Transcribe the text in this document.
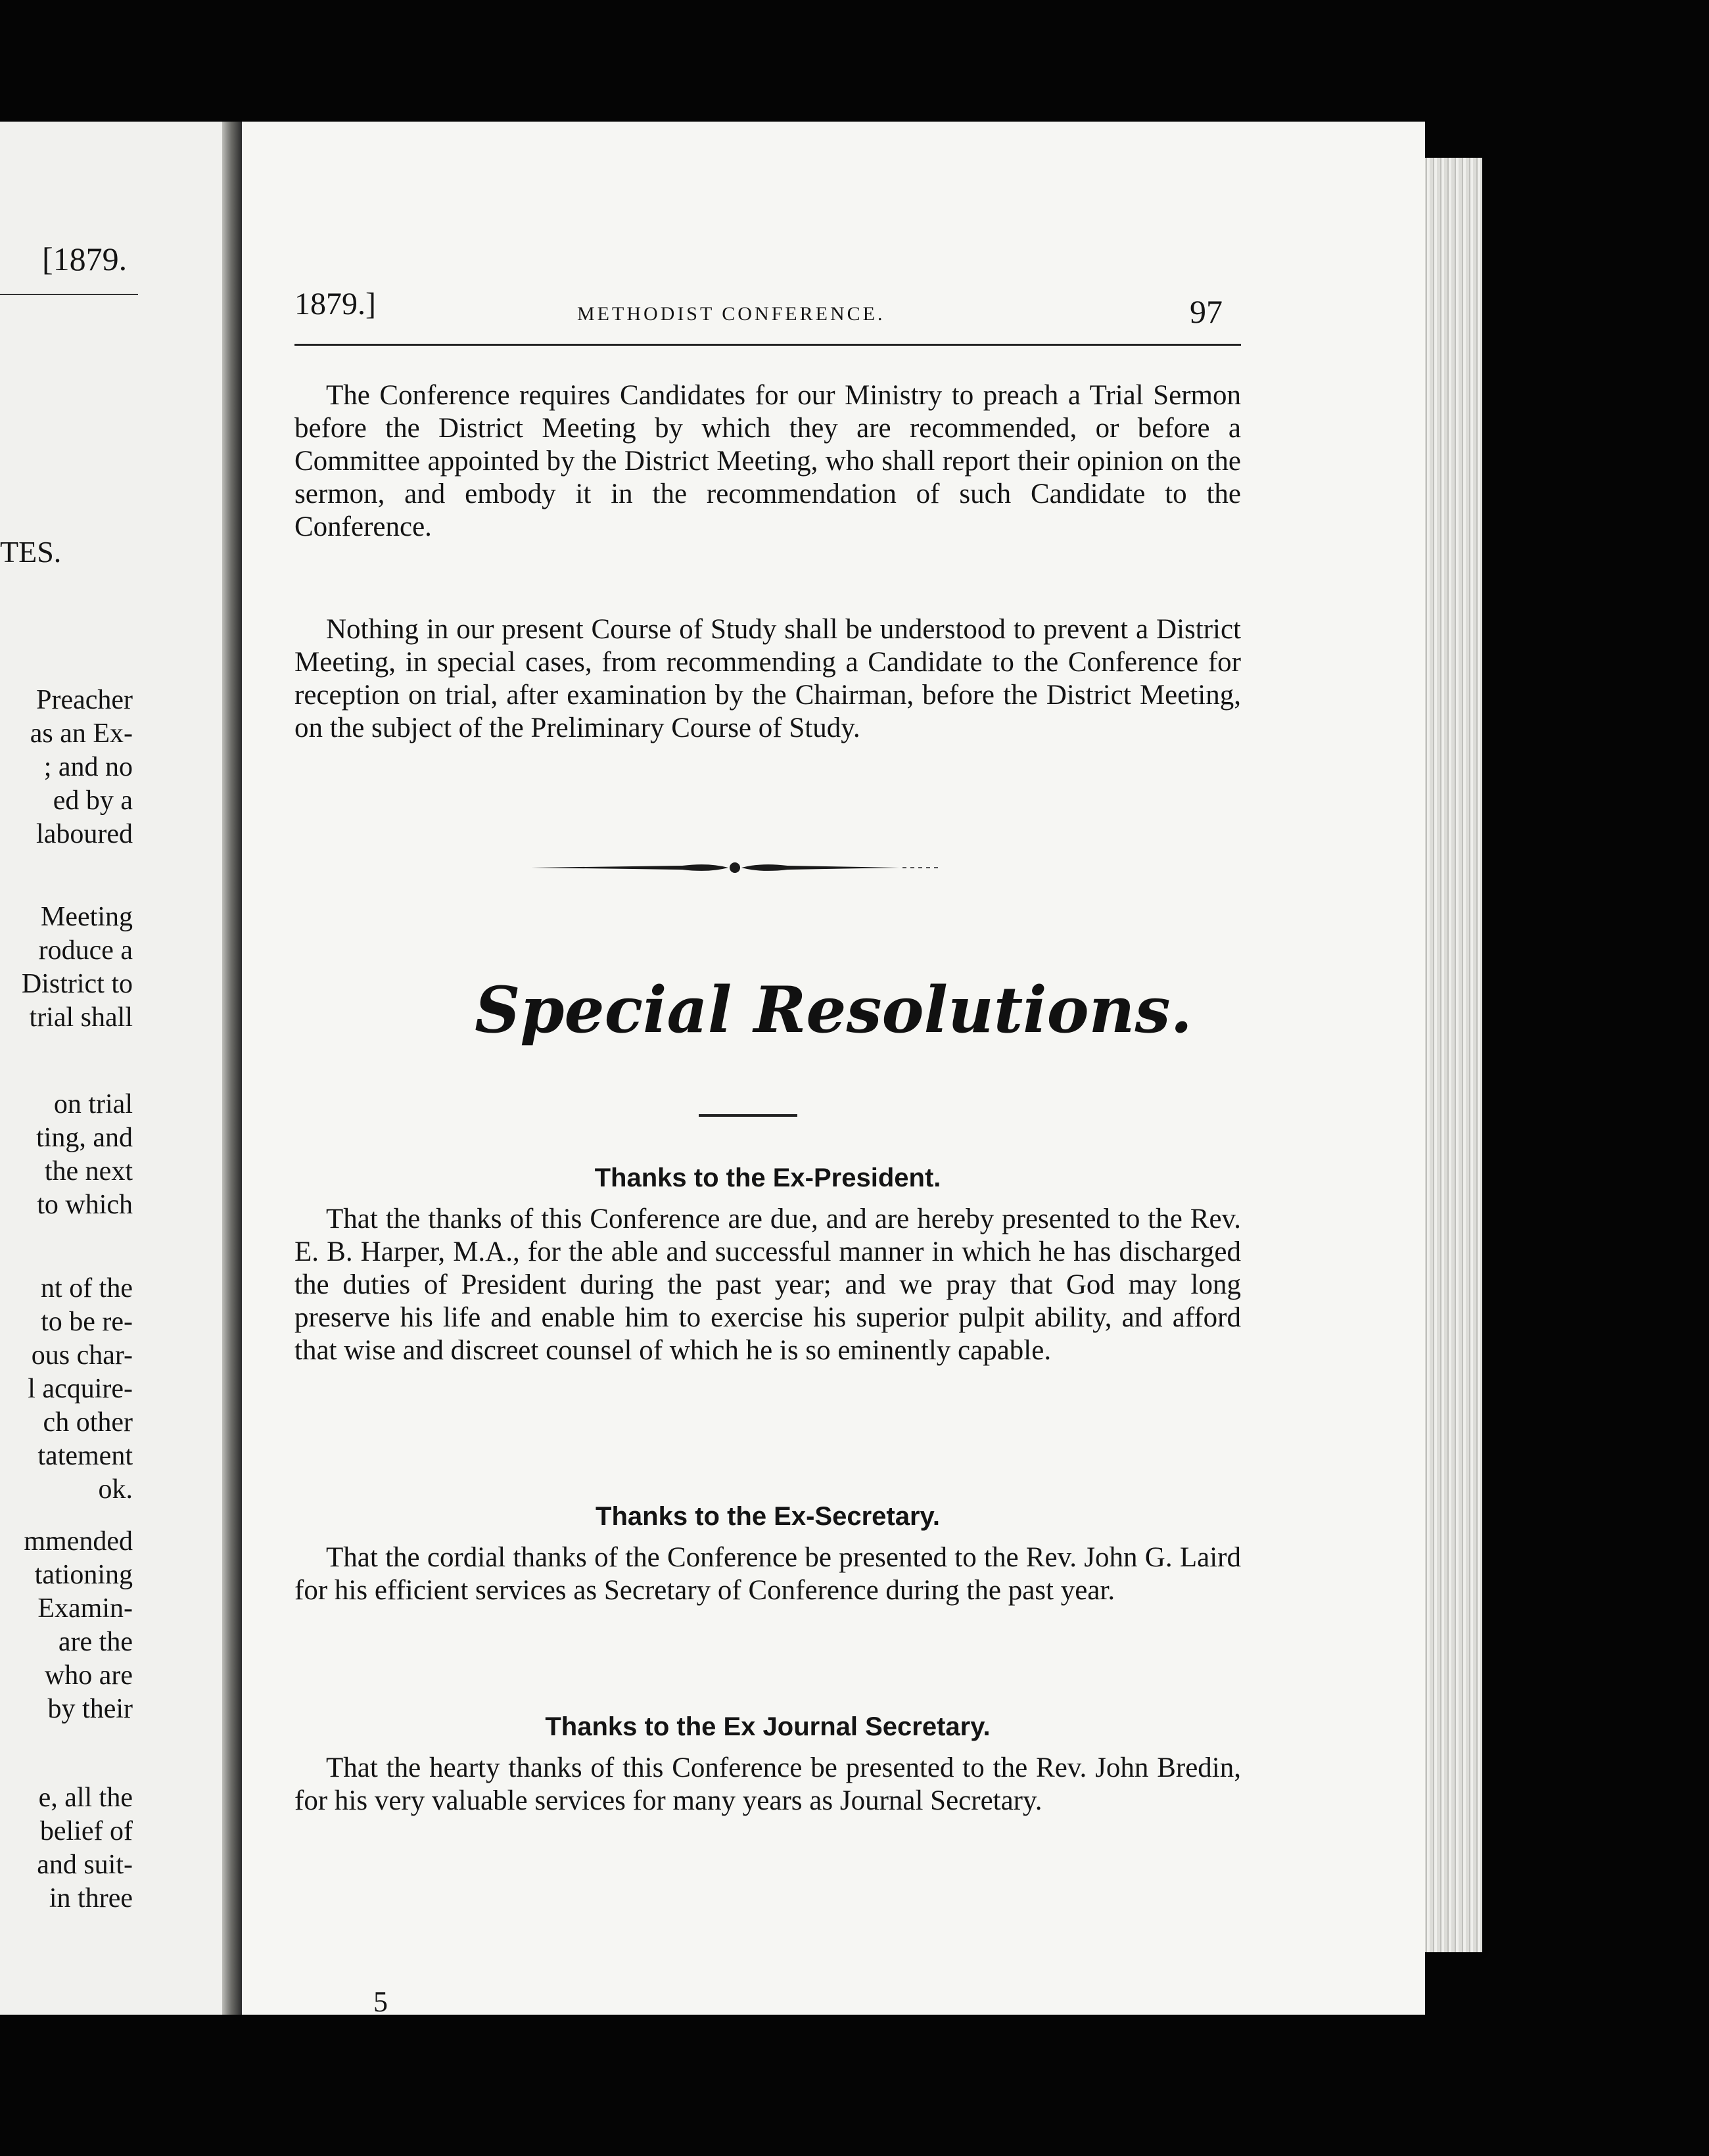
[1879.
TES.
Preacher
as an Ex-
; and no
ed by a
laboured
Meeting
roduce a
District to
trial shall
on trial
ting, and
the next
to which
nt of the
to be re-
ous char-
l acquire-
ch other
tatement
ok.
mmended
tationing
Examin-
are the
who are
by their
e, all the
belief of
and suit-
in three
1879.]	METHODIST CONFERENCE.	97

The Conference requires Candidates for our Ministry to preach a Trial Sermon before the District Meeting by which they are recommended, or before a Committee appointed by the District Meeting, who shall report their opinion on the sermon, and embody it in the recommendation of such Candidate to the Conference.

Nothing in our present Course of Study shall be understood to prevent a District Meeting, in special cases, from recommending a Candidate to the Conference for reception on trial, after examination by the Chairman, before the District Meeting, on the subject of the Preliminary Course of Study.

Special Resolutions.
Thanks to the Ex-President.

That the thanks of this Conference are due, and are hereby presented to the Rev. E. B. Harper, M.A., for the able and successful manner in which he has discharged the duties of President during the past year; and we pray that God may long preserve his life and enable him to exercise his superior pulpit ability, and afford that wise and discreet counsel of which he is so eminently capable.

Thanks to the Ex-Secretary.

That the cordial thanks of the Conference be presented to the Rev. John G. Laird for his efficient services as Secretary of Conference during the past year.

Thanks to the Ex Journal Secretary.

That the hearty thanks of this Conference be presented to the Rev. John Bredin, for his very valuable services for many years as Journal Secretary.

5
